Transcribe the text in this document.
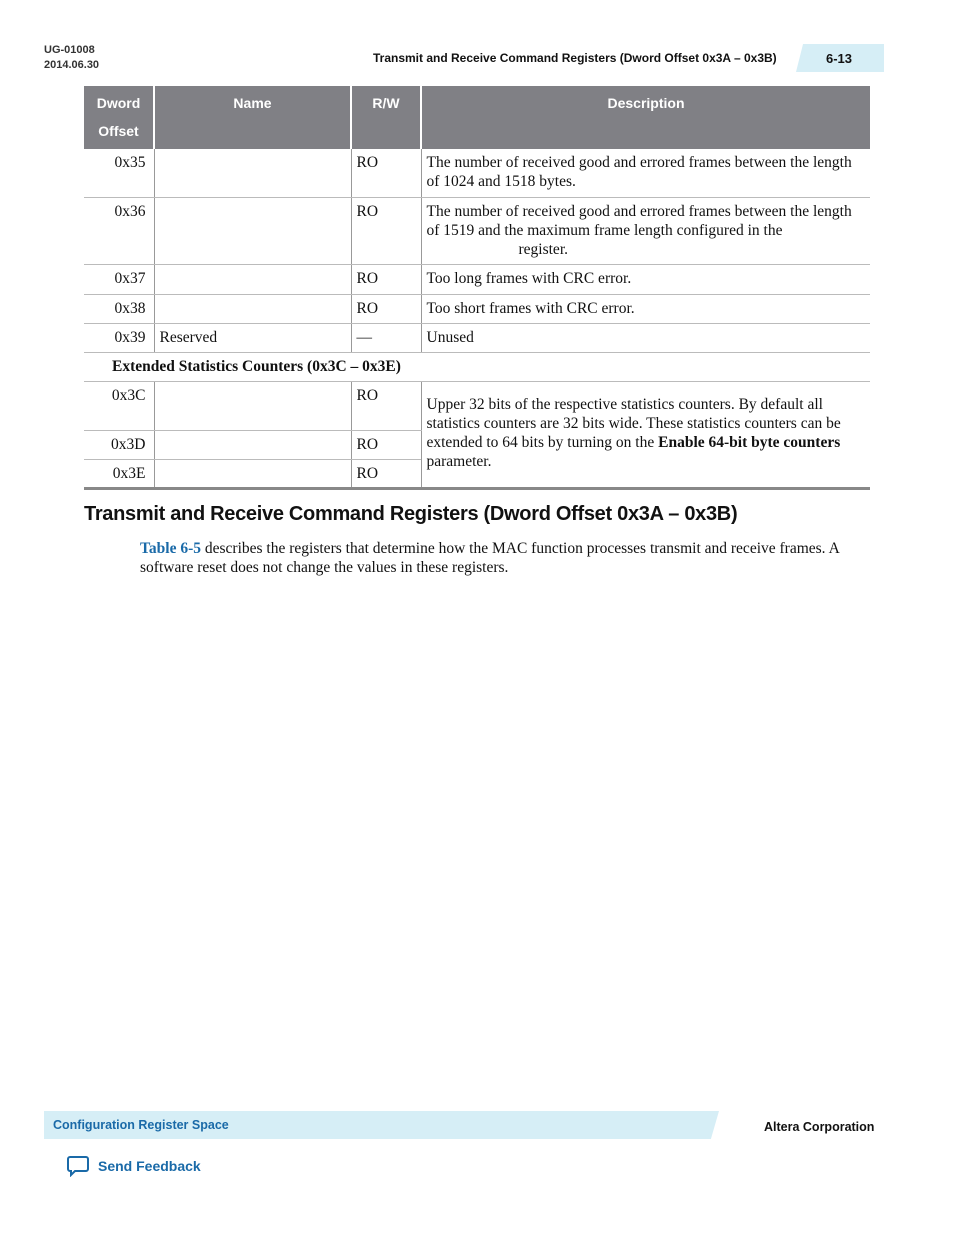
UG-01008
2014.06.30	Transmit and Receive Command Registers (Dword Offset 0x3A – 0x3B)	6-13
Dword Offset	Name	R/W	Description
0x35		RO	The number of received good and errored frames between the length of 1024 and 1518 bytes.
0x36		RO	The number of received good and errored frames between the length of 1519 and the maximum frame length configured in theregister.
0x37		RO	Too long frames with CRC error.
0x38		RO	Too short frames with CRC error.
0x39	Reserved	—	Unused
Extended Statistics Counters (0x3C – 0x3E)			
0x3C		RO	Upper 32 bits of the respective statistics counters. By default all statistics counters are 32 bits wide. These statistics counters can be extended to 64 bits by turning on the Enable 64-bit byte counters parameter.
0x3D		RO	
0x3E		RO	
Transmit and Receive Command Registers (Dword Offset 0x3A – 0x3B)
Table 6-5 describes the registers that determine how the MAC function processes transmit and receive frames. A software reset does not change the values in these registers.
Configuration Register Space	Altera Corporation
Send Feedback
